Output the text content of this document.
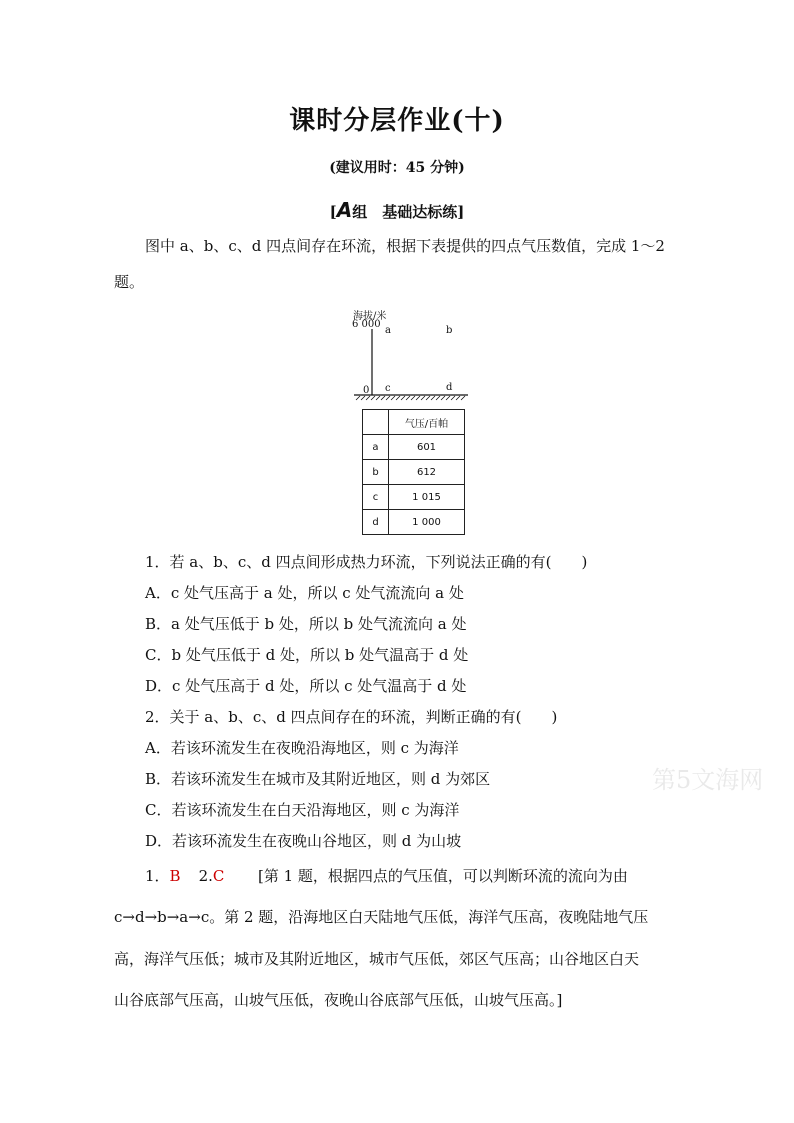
课时分层作业(十)
(建议用时：45 分钟)
[A组　基础达标练]
图中 a、b、c、d 四点间存在环流，根据下表提供的四点气压数值，完成 1～2
题。
海拔/米
6 000
0
a	b
c	d
	气压/百帕
a	601
b	612
c	1 015
d	1 000
1．若 a、b、c、d 四点间形成热力环流，下列说法正确的有(　　)
A．c 处气压高于 a 处，所以 c 处气流流向 a 处
B．a 处气压低于 b 处，所以 b 处气流流向 a 处
C．b 处气压低于 d 处，所以 b 处气温高于 d 处
D．c 处气压高于 d 处，所以 c 处气温高于 d 处
2．关于 a、b、c、d 四点间存在的环流，判断正确的有(　　)
A．若该环流发生在夜晚沿海地区，则 c 为海洋
B．若该环流发生在城市及其附近地区，则 d 为郊区
C．若该环流发生在白天沿海地区，则 c 为海洋
D．若该环流发生在夜晚山谷地区，则 d 为山坡
第5文海网
1．B 2.C [第 1 题，根据四点的气压值，可以判断环流的流向为由
c→d→b→a→c。第 2 题，沿海地区白天陆地气压低，海洋气压高，夜晚陆地气压
高，海洋气压低；城市及其附近地区，城市气压低，郊区气压高；山谷地区白天
山谷底部气压高，山坡气压低，夜晚山谷底部气压低，山坡气压高。]
